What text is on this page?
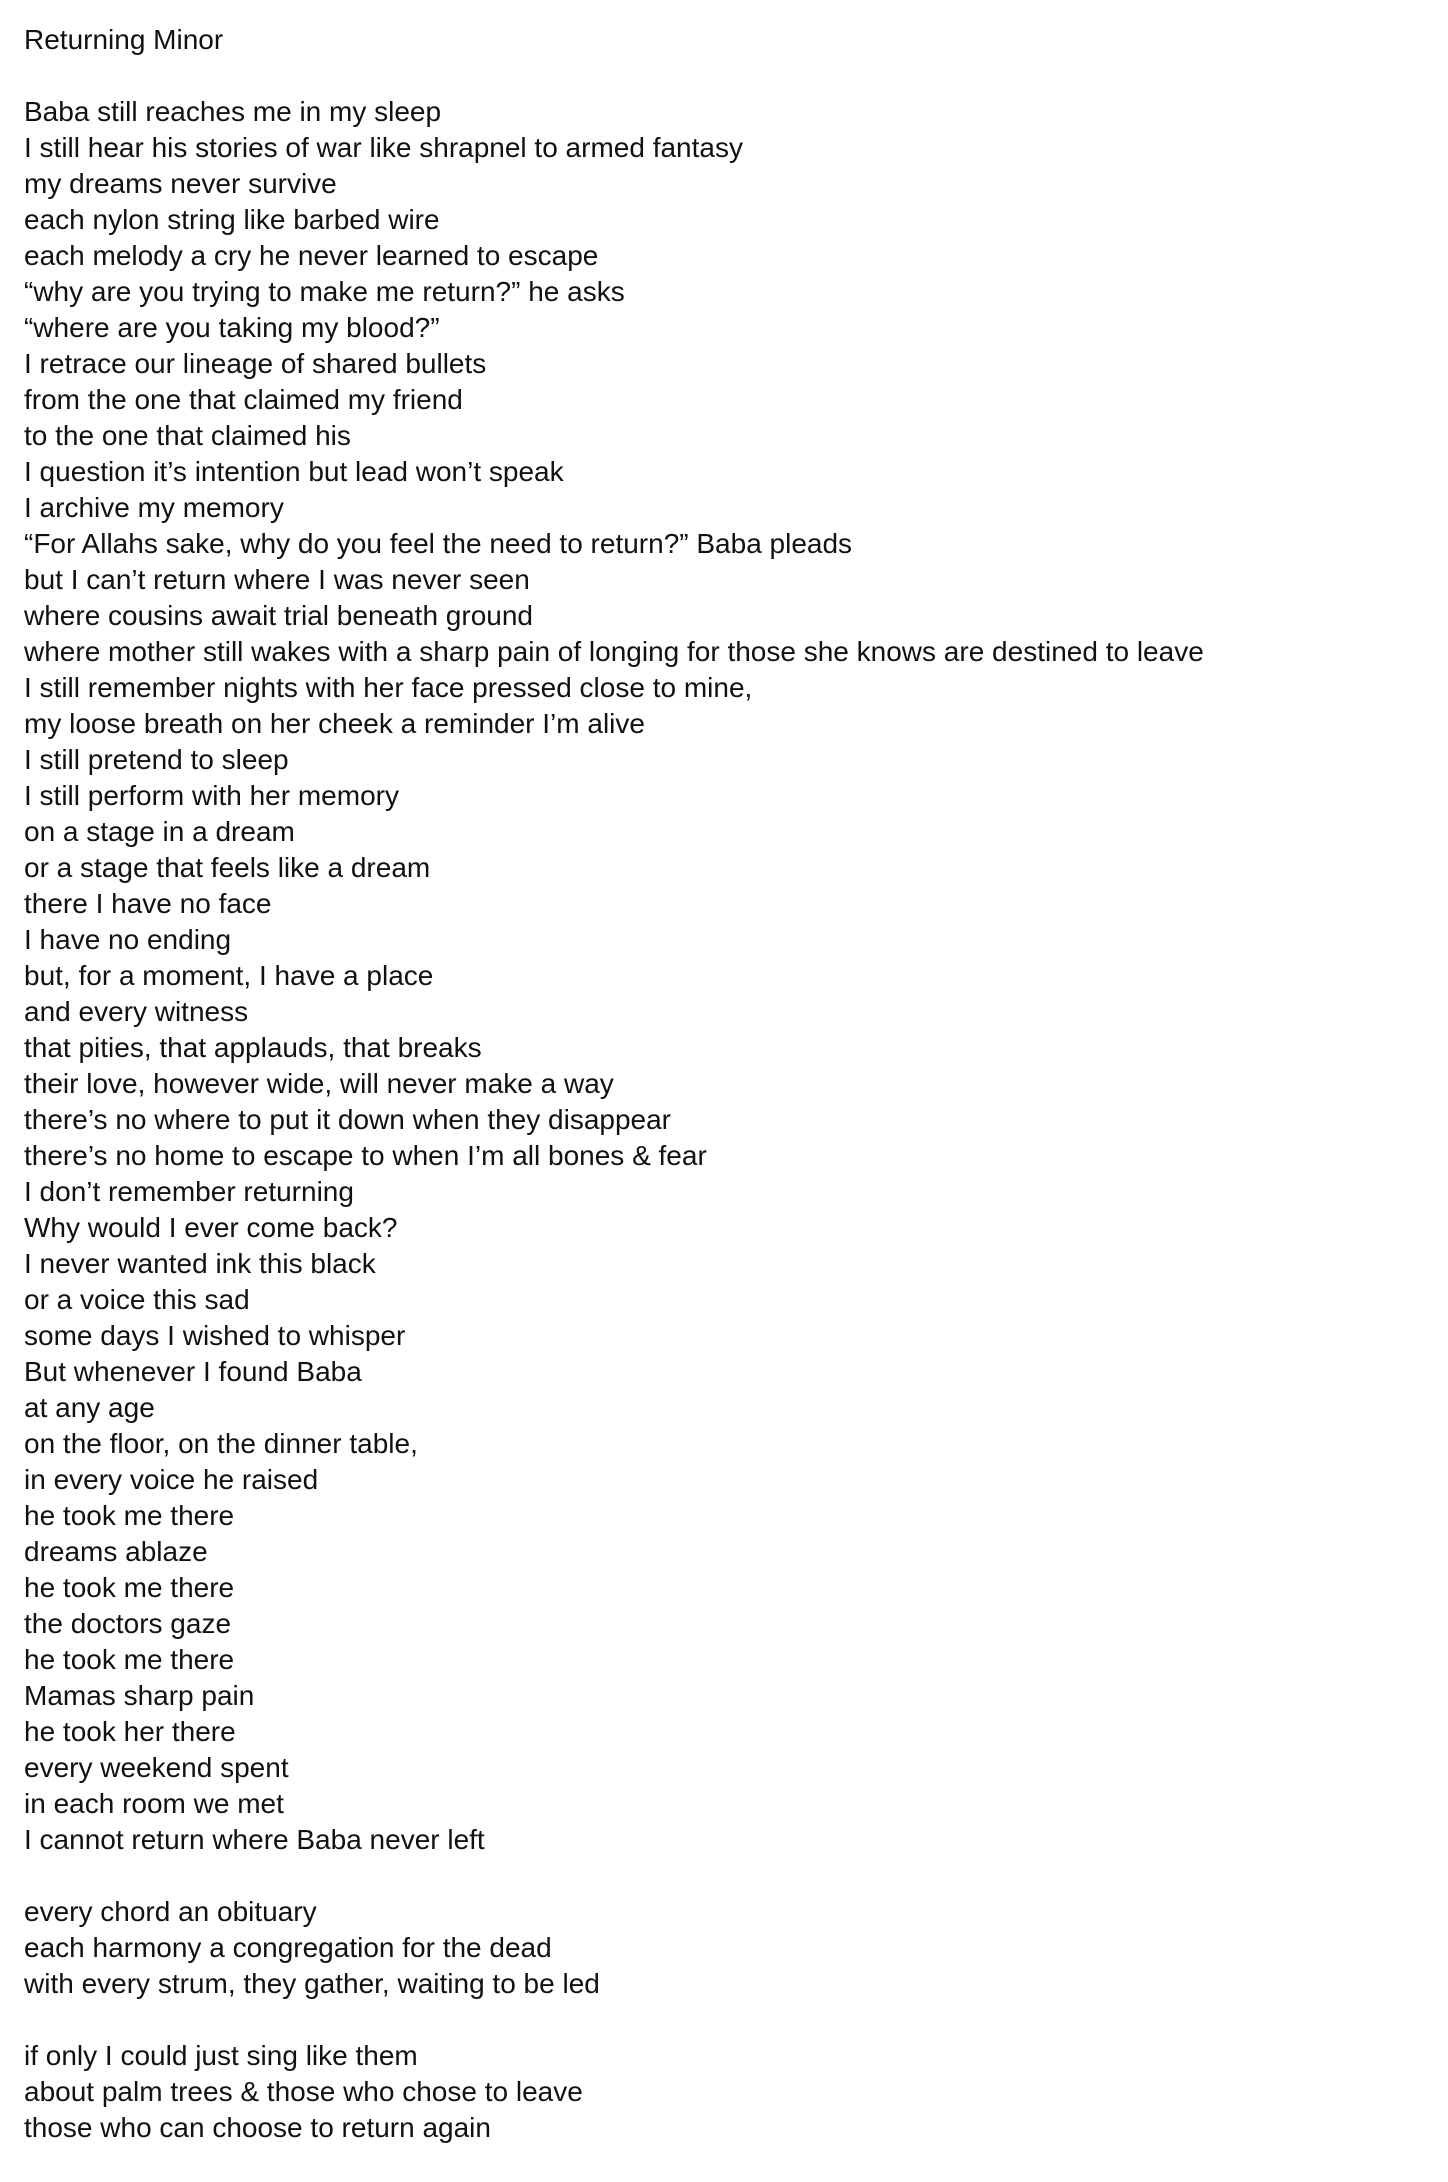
Returning Minor
Baba still reaches me in my sleep
I still hear his stories of war like shrapnel to armed fantasy
my dreams never survive
each nylon string like barbed wire
each melody a cry he never learned to escape
“why are you trying to make me return?” he asks
“where are you taking my blood?”
I retrace our lineage of shared bullets
from the one that claimed my friend
to the one that claimed his
I question it’s intention but lead won’t speak
I archive my memory
“For Allahs sake, why do you feel the need to return?” Baba pleads
but I can’t return where I was never seen
where cousins await trial beneath ground
where mother still wakes with a sharp pain of longing for those she knows are destined to leave
I still remember nights with her face pressed close to mine,
my loose breath on her cheek a reminder I’m alive
I still pretend to sleep
I still perform with her memory
on a stage in a dream
or a stage that feels like a dream
there I have no face
I have no ending
but, for a moment, I have a place
and every witness
that pities, that applauds, that breaks
their love, however wide, will never make a way
there’s no where to put it down when they disappear
there’s no home to escape to when I’m all bones & fear
I don’t remember returning
Why would I ever come back?
I never wanted ink this black
or a voice this sad
some days I wished to whisper
But whenever I found Baba
at any age
on the floor, on the dinner table,
in every voice he raised
he took me there
dreams ablaze
he took me there
the doctors gaze
he took me there
Mamas sharp pain
he took her there
every weekend spent
in each room we met
I cannot return where Baba never left
every chord an obituary
each harmony a congregation for the dead
with every strum, they gather, waiting to be led
if only I could just sing like them
about palm trees & those who chose to leave
those who can choose to return again
